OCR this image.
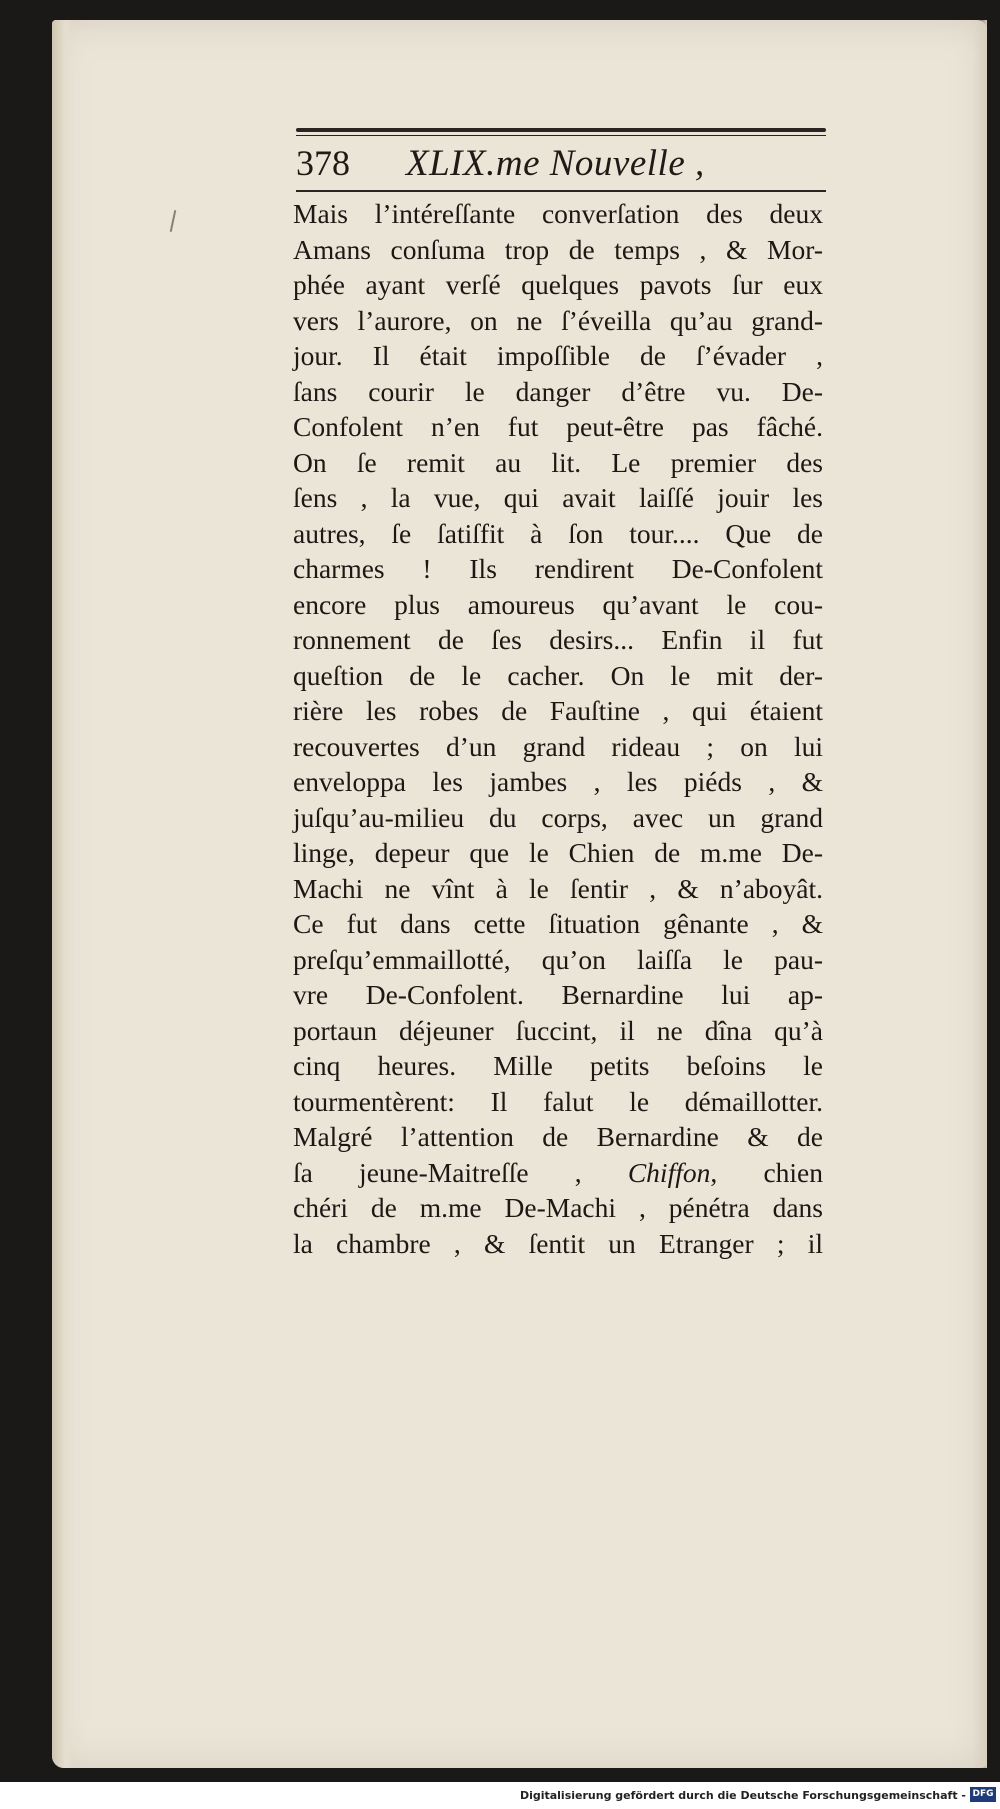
378 XLIX.me Nouvelle ,
Mais l’intéreſſante converſation des deux
Amans conſuma trop de temps , & Mor-
phée ayant verſé quelques pavots ſur eux
vers l’aurore, on ne ſ’éveilla qu’au grand-
jour. Il était impoſſible de ſ’évader ,
ſans courir le danger d’être vu. De-
Confolent n’en fut peut-être pas fâché.
On ſe remit au lit. Le premier des
ſens , la vue, qui avait laiſſé jouir les
autres, ſe ſatiſfit à ſon tour.... Que de
charmes ! Ils rendirent De-Confolent
encore plus amoureus qu’avant le cou-
ronnement de ſes desirs... Enfin il fut
queſtion de le cacher. On le mit der-
rière les robes de Fauſtine , qui étaient
recouvertes d’un grand rideau ; on lui
enveloppa les jambes , les piéds , &
juſqu’au-milieu du corps, avec un grand
linge, depeur que le Chien de m.me De-
Machi ne vînt à le ſentir , & n’aboyât.
Ce fut dans cette ſituation gênante , &
preſqu’emmaillotté, qu’on laiſſa le pau-
vre De-Confolent. Bernardine lui ap-
portaun déjeuner ſuccint, il ne dîna qu’à
cinq heures. Mille petits beſoins le
tourmentèrent: Il falut le démaillotter.
Malgré l’attention de Bernardine & de
ſa jeune-Maitreſſe , Chiffon, chien
chéri de m.me De-Machi , pénétra dans
la chambre , & ſentit un Etranger ; il
Digitalisierung gefördert durch die Deutsche Forschungsgemeinschaft - DFG
